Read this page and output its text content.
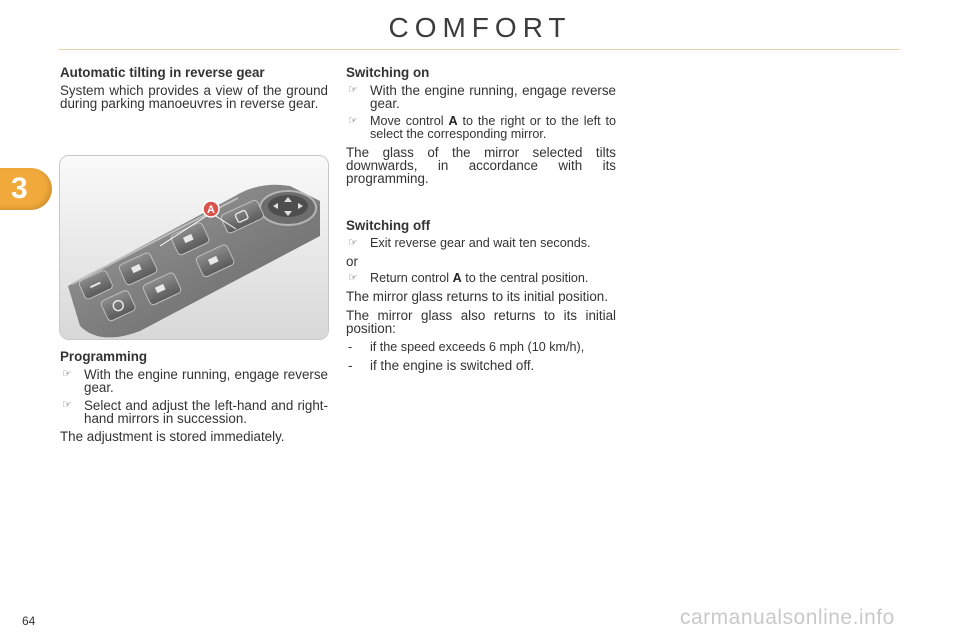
COMFORT
3
Automatic tilting in reverse gear

System which provides a view of the ground during parking manoeuvres in reverse gear.

A
Programming
☞ With the engine running, engage reverse gear.
☞ Select and adjust the left-hand and right-hand mirrors in succession.

The adjustment is stored immediately.

Switching on
☞ With the engine running, engage reverse gear.
☞ Move control A to the right or to the left to select the corresponding mirror.

The glass of the mirror selected tilts downwards, in accordance with its programming.

Switching off
☞ Exit reverse gear and wait ten seconds.

or

☞ Return control A to the central position.

The mirror glass returns to its initial position.

The mirror glass also returns to its initial position:

- if the speed exceeds 6 mph (10 km/h),
- if the engine is switched off.
64	carmanualsonline.info
